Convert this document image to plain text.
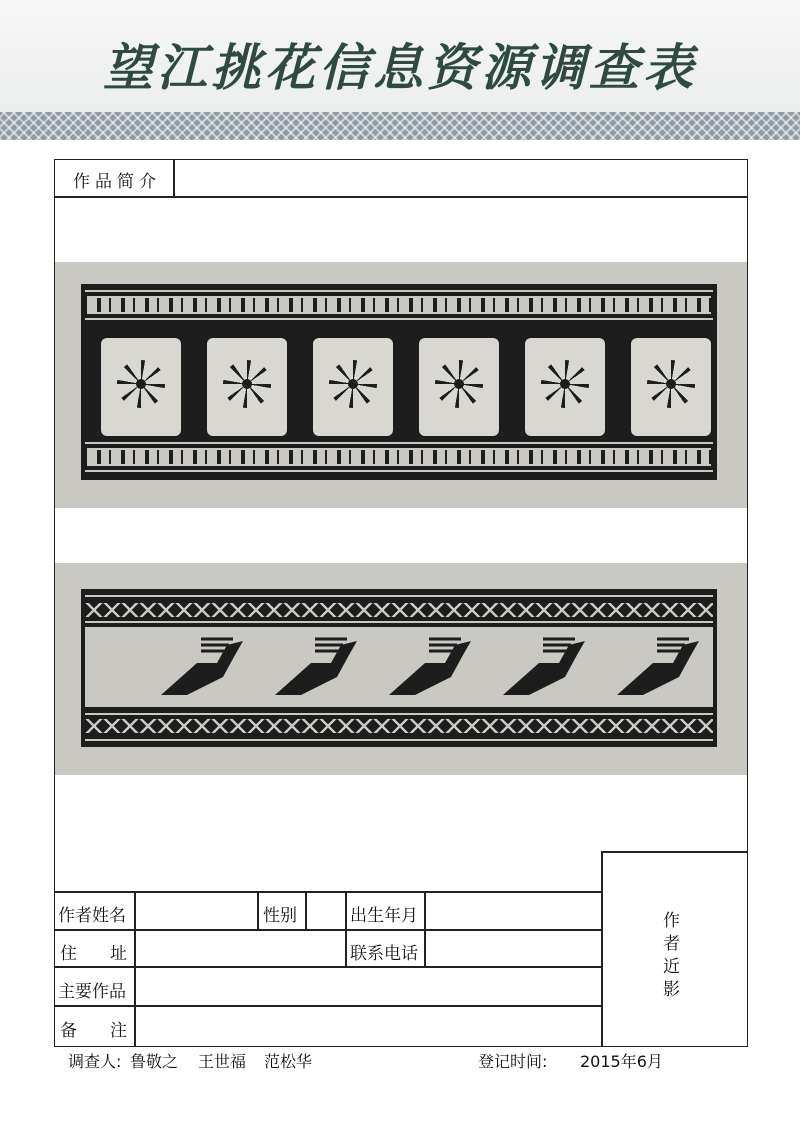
望江挑花信息资源调查表
作品简介
作
者
近
影
作者姓名	性别	出生年月
住 址	联系电话
主要作品
备 注
调查人: 鲁敬之 王世福 范松华	登记时间: 2015年6月
